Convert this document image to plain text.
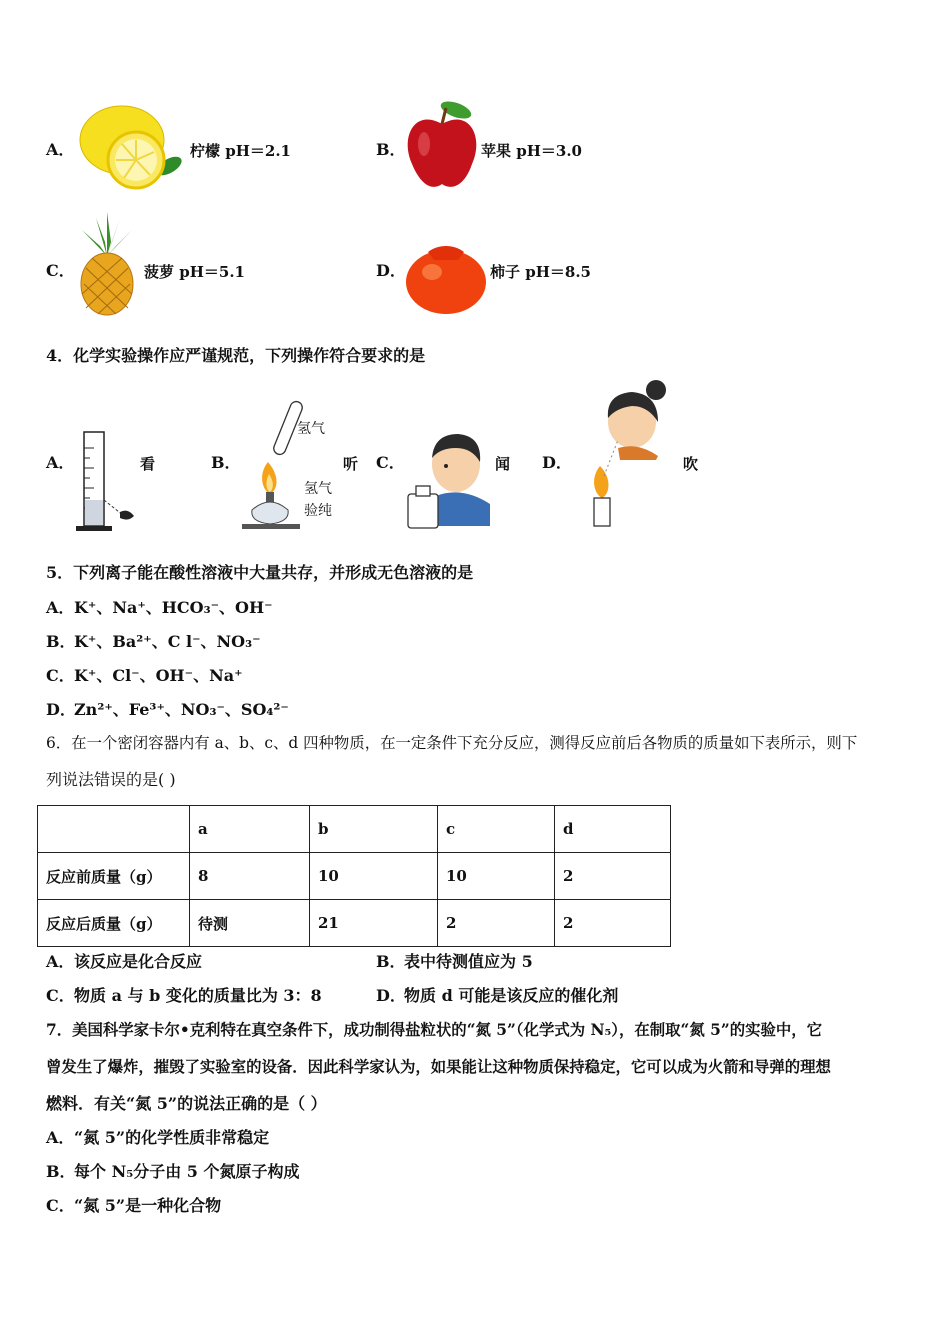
A．	柠檬 pH＝2.1	B．	苹果 pH＝3.0
C．	菠萝 pH＝5.1	D．	柿子 pH＝8.5
4．化学实验操作应严谨规范，下列操作符合要求的是
A．	看	B．
氢气
氢气
验纯
听 C．	闻 D．	吹
5．下列离子能在酸性溶液中大量共存，并形成无色溶液的是
A． K⁺、Na⁺、HCO₃⁻、OH⁻
B．
K⁺、Ba²⁺、C l⁻、NO₃⁻
C． K⁺、Cl⁻、OH⁻、Na⁺
D．
Zn²⁺、Fe³⁺、NO₃⁻、SO₄²⁻
6．在一个密闭容器内有 a、b、c、d 四种物质，在一定条件下充分反应，测得反应前后各物质的质量如下表所示，则下
列说法错误的是( )
	a	b	c	d
反应前质量（g）	8	10	10	2
反应后质量（g）	待测	21	2	2
A． 该反应是化合反应	B．
表中待测值应为 5
C． 物质 a 与 b 变化的质量比为 3：8	D．
物质 d 可能是该反应的催化剂
7．美国科学家卡尔•克利特在真空条件下，成功制得盐粒状的“氮 5”（化学式为 N₅），在制取“氮 5”的实验中，它
曾发生了爆炸，摧毁了实验室的设备．因此科学家认为，如果能让这种物质保持稳定，它可以成为火箭和导弹的理想
燃料．有关“氮 5”的说法正确的是（ ）
A． “氮 5”的化学性质非常稳定
B．
每个 N₅分子由 5 个氮原子构成
C． “氮 5”是一种化合物
